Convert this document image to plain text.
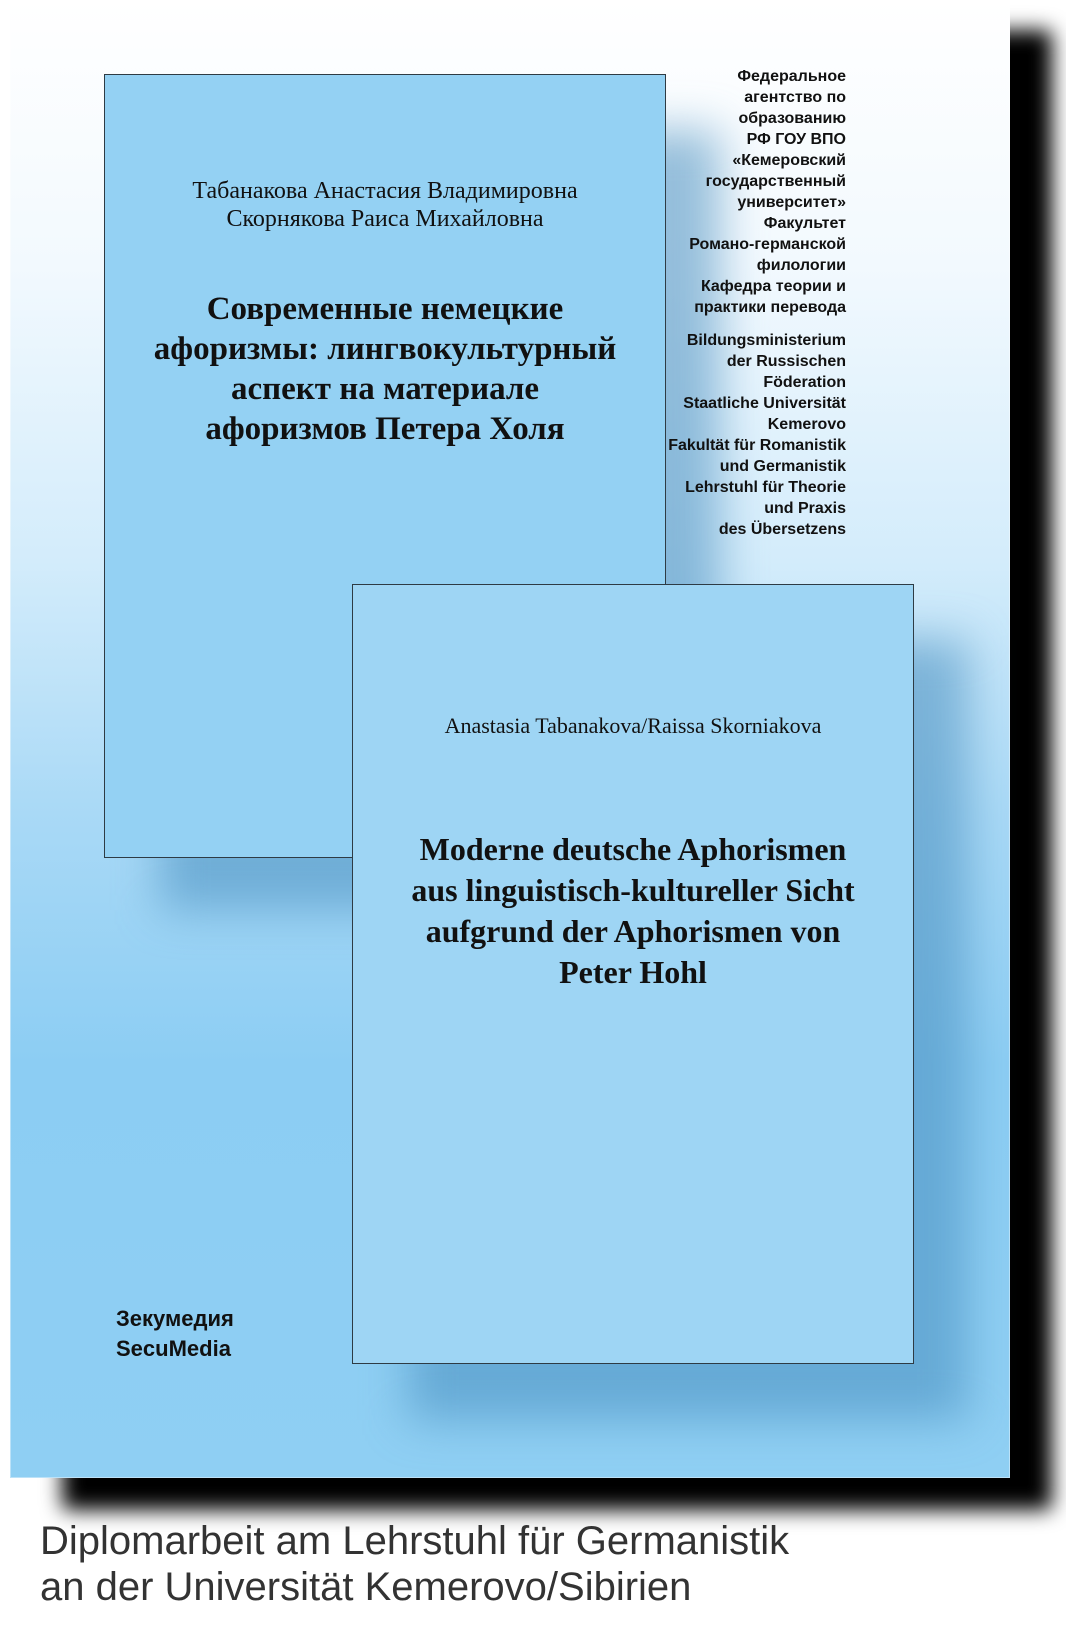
Табанакова Анастасия Владимировна
Скорнякова Раиса Михайловна
Современные немецкие
афоризмы: лингвокультурный
аспект на материале
афоризмов Петера Холя
Федеральное
агентство по
образованию
РФ ГОУ ВПО
«Кемеровский
государственный
университет»
Факультет
Романо-германской
филологии
Кафедра теории и
практики перевода
Bildungsministerium
der Russischen
Föderation
Staatliche Universität
Kemerovo
Fakultät für Romanistik
und Germanistik
Lehrstuhl für Theorie
und Praxis
des Übersetzens
Anastasia Tabanakova/Raissa Skorniakova
Moderne deutsche Aphorismen
aus linguistisch-kultureller Sicht
aufgrund der Aphorismen von
Peter Hohl
Зекумедия
SecuMedia
Diplomarbeit am Lehrstuhl für Germanistik
an der Universität Kemerovo/Sibirien
